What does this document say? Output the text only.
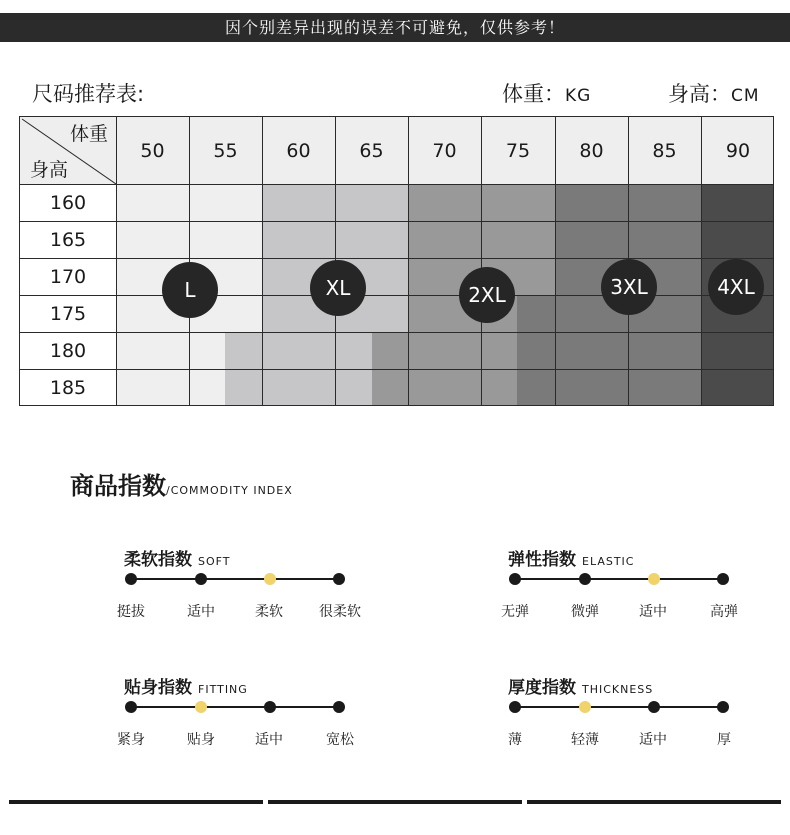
因个别差异出现的误差不可避免，仅供参考！
尺码推荐表:	体重：KG	身高：CM
体重
身高
50	55	60	65	70	75	80	85	90
160
165
170
175
180
185
L	XL	2XL	3XL	4XL
商品指数/COMMODITY INDEX
柔软指数 SOFT
挺拔	适中	柔软	很柔软
弹性指数 ELASTIC
无弹	微弹	适中	高弹
贴身指数 FITTING
紧身	贴身	适中	宽松
厚度指数 THICKNESS
薄	轻薄	适中	厚
